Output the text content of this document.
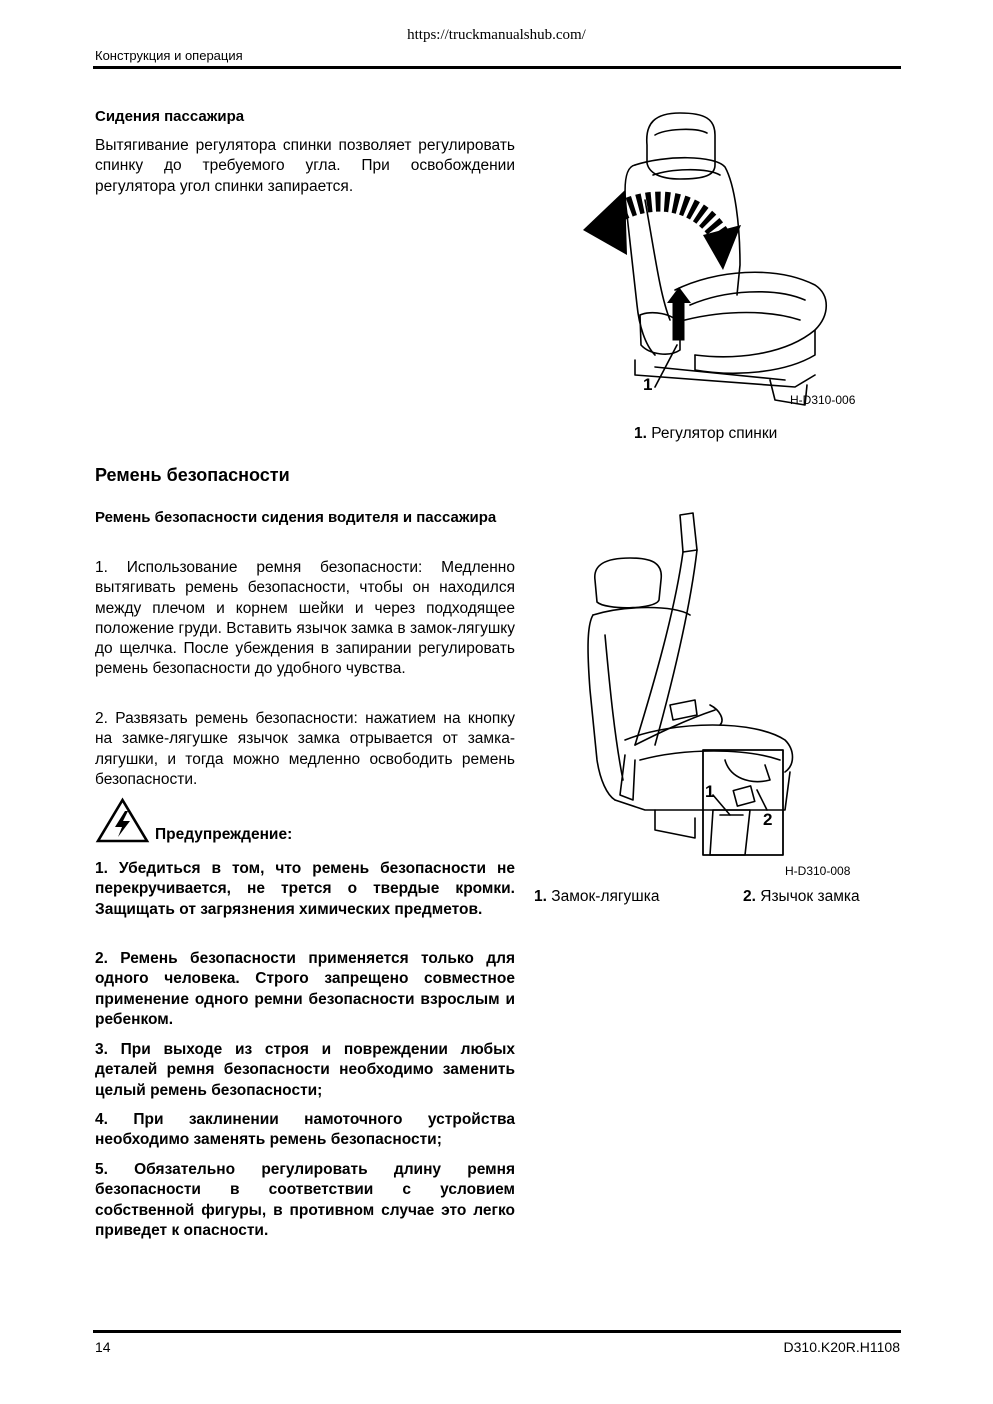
https://truckmanualshub.com/
Конструкция и операция
Сидения пассажира

Вытягивание регулятора спинки позволяет регулировать спинку до требуемого угла. При освобождении регулятора угол спинки запирается.

1
H-D310-006
1. Регулятор спинки
Ремень безопасности

Ремень безопасности сидения водителя и пассажира

1. Использование ремня безопасности: Медленно вытягивать ремень безопасности, чтобы он находился между плечом и корнем шейки и через подходящее положение груди. Вставить язычок замка в замок-лягушку до щелчка. После убеждения в запирании регулировать ремень безопасности до удобного чувства.

2. Развязать ремень безопасности: нажатием на кнопку на замке-лягушке язычок замка отрывается от замка-лягушки, и тогда можно медленно освободить ремень безопасности.

Предупреждение:

1. Убедиться в том, что ремень безопасности не перекручивается, не трется о твердые кромки. Защищать от загрязнения химических предметов.

2. Ремень безопасности применяется только для одного человека. Строго запрещено совместное применение одного ремни безопасности взрослым и ребенком.

3. При выходе из строя и повреждении любых деталей ремня безопасности необходимо заменить целый ремень безопасности;

4. При заклинении намоточного устройства необходимо заменять ремень безопасности;

5. Обязательно регулировать длину ремня безопасности в соответствии с условием собственной фигуры, в противном случае это легко приведет к опасности.

1
2
H-D310-008
1. Замок-лягушка	2. Язычок замка
14	D310.K20R.H1108
